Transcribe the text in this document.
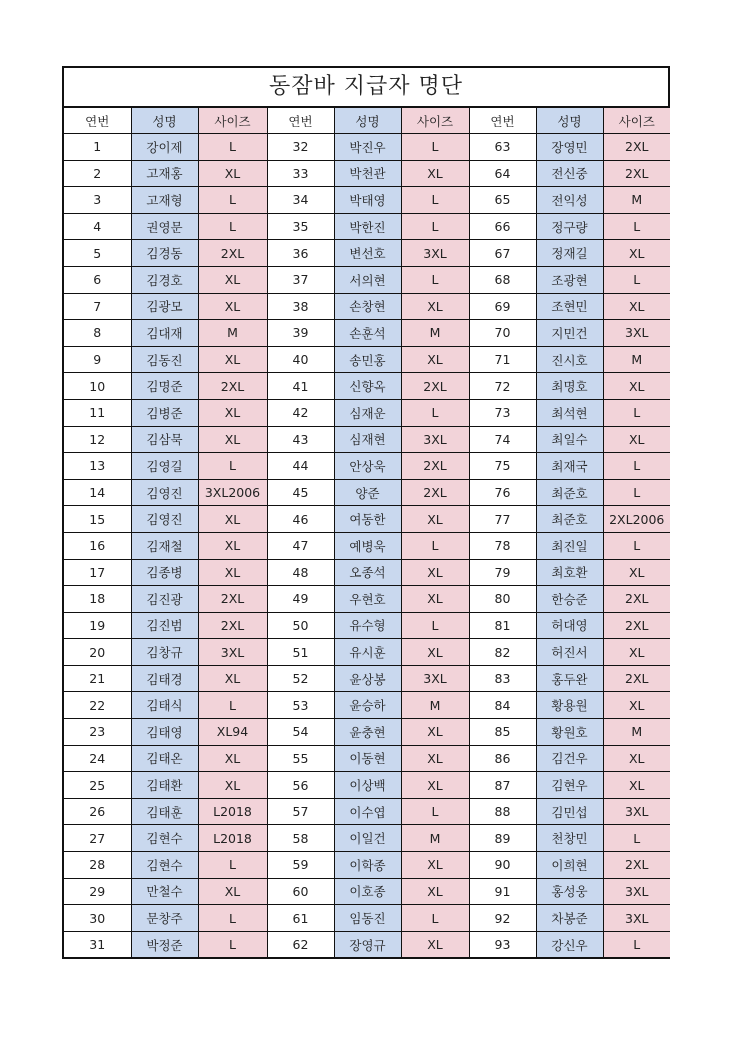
동잠바 지급자 명단
연번	성명	사이즈	연번	성명	사이즈	연번	성명	사이즈
1	강이제	L	32	박진우	L	63	장영민	2XL
2	고재홍	XL	33	박천관	XL	64	전신중	2XL
3	고재형	L	34	박태영	L	65	전익성	M
4	권영문	L	35	박한진	L	66	정구량	L
5	김경동	2XL	36	변선호	3XL	67	정재길	XL
6	김경호	XL	37	서의현	L	68	조광현	L
7	김광모	XL	38	손창현	XL	69	조현민	XL
8	김대재	M	39	손훈석	M	70	지민건	3XL
9	김동진	XL	40	송민홍	XL	71	진시호	M
10	김명준	2XL	41	신향옥	2XL	72	최명호	XL
11	김병준	XL	42	심재운	L	73	최석현	L
12	김삼묵	XL	43	심재현	3XL	74	최일수	XL
13	김영길	L	44	안상욱	2XL	75	최재국	L
14	김영진	3XL2006	45	양준	2XL	76	최준호	L
15	김영진	XL	46	여동한	XL	77	최준호	2XL2006
16	김재철	XL	47	예병욱	L	78	최진일	L
17	김종병	XL	48	오종석	XL	79	최호환	XL
18	김진광	2XL	49	우현호	XL	80	한승준	2XL
19	김진범	2XL	50	유수형	L	81	허대영	2XL
20	김창규	3XL	51	유시훈	XL	82	허진서	XL
21	김태경	XL	52	윤상봉	3XL	83	홍두완	2XL
22	김태식	L	53	윤승하	M	84	황용원	XL
23	김태영	XL94	54	윤충현	XL	85	황원호	M
24	김태온	XL	55	이동현	XL	86	김건우	XL
25	김태환	XL	56	이상백	XL	87	김현우	XL
26	김태훈	L2018	57	이수엽	L	88	김민섭	3XL
27	김현수	L2018	58	이일건	M	89	천창민	L
28	김현수	L	59	이학종	XL	90	이희현	2XL
29	만철수	XL	60	이호종	XL	91	홍성웅	3XL
30	문창주	L	61	임동진	L	92	차봉준	3XL
31	박정준	L	62	장영규	XL	93	강신우	L
